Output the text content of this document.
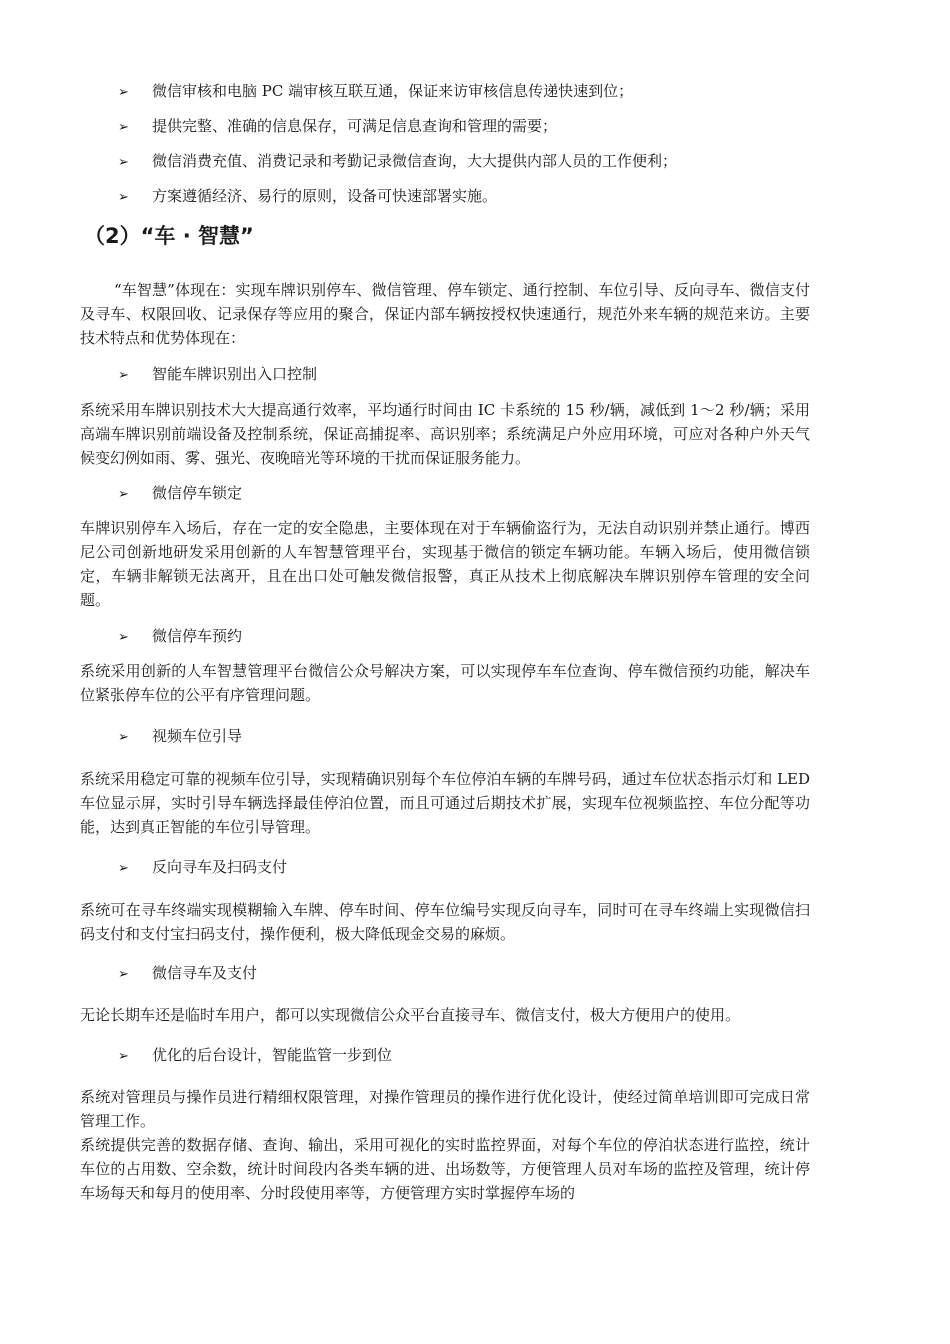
➢ 微信审核和电脑 PC 端审核互联互通，保证来访审核信息传递快速到位；
➢ 提供完整、准确的信息保存，可满足信息查询和管理的需要；
➢ 微信消费充值、消费记录和考勤记录微信查询，大大提供内部人员的工作便利；
➢ 方案遵循经济、易行的原则，设备可快速部署实施。
（2）“车 · 智慧”
“车智慧”体现在：实现车牌识别停车、微信管理、停车锁定、通行控制、车位引导、反向寻车、微信支付及寻车、权限回收、记录保存等应用的聚合，保证内部车辆按授权快速通行，规范外来车辆的规范来访。主要技术特点和优势体现在：
➢ 智能车牌识别出入口控制
系统采用车牌识别技术大大提高通行效率，平均通行时间由 IC 卡系统的 15 秒/辆，减低到 1～2 秒/辆；采用高端车牌识别前端设备及控制系统，保证高捕捉率、高识别率；系统满足户外应用环境，可应对各种户外天气候变幻例如雨、雾、强光、夜晚暗光等环境的干扰而保证服务能力。
➢ 微信停车锁定
车牌识别停车入场后，存在一定的安全隐患，主要体现在对于车辆偷盗行为，无法自动识别并禁止通行。博西尼公司创新地研发采用创新的人车智慧管理平台，实现基于微信的锁定车辆功能。车辆入场后，使用微信锁定，车辆非解锁无法离开，且在出口处可触发微信报警，真正从技术上彻底解决车牌识别停车管理的安全问题。
➢ 微信停车预约
系统采用创新的人车智慧管理平台微信公众号解决方案，可以实现停车车位查询、停车微信预约功能，解决车位紧张停车位的公平有序管理问题。
➢ 视频车位引导
系统采用稳定可靠的视频车位引导，实现精确识别每个车位停泊车辆的车牌号码，通过车位状态指示灯和 LED 车位显示屏，实时引导车辆选择最佳停泊位置，而且可通过后期技术扩展，实现车位视频监控、车位分配等功能，达到真正智能的车位引导管理。
➢ 反向寻车及扫码支付
系统可在寻车终端实现模糊输入车牌、停车时间、停车位编号实现反向寻车，同时可在寻车终端上实现微信扫码支付和支付宝扫码支付，操作便利，极大降低现金交易的麻烦。
➢ 微信寻车及支付
无论长期车还是临时车用户，都可以实现微信公众平台直接寻车、微信支付，极大方便用户的使用。
➢ 优化的后台设计，智能监管一步到位
系统对管理员与操作员进行精细权限管理，对操作管理员的操作进行优化设计，使经过简单培训即可完成日常管理工作。
系统提供完善的数据存储、查询、输出，采用可视化的实时监控界面，对每个车位的停泊状态进行监控，统计车位的占用数、空余数，统计时间段内各类车辆的进、出场数等，方便管理人员对车场的监控及管理，统计停车场每天和每月的使用率、分时段使用率等，方便管理方实时掌握停车场的
